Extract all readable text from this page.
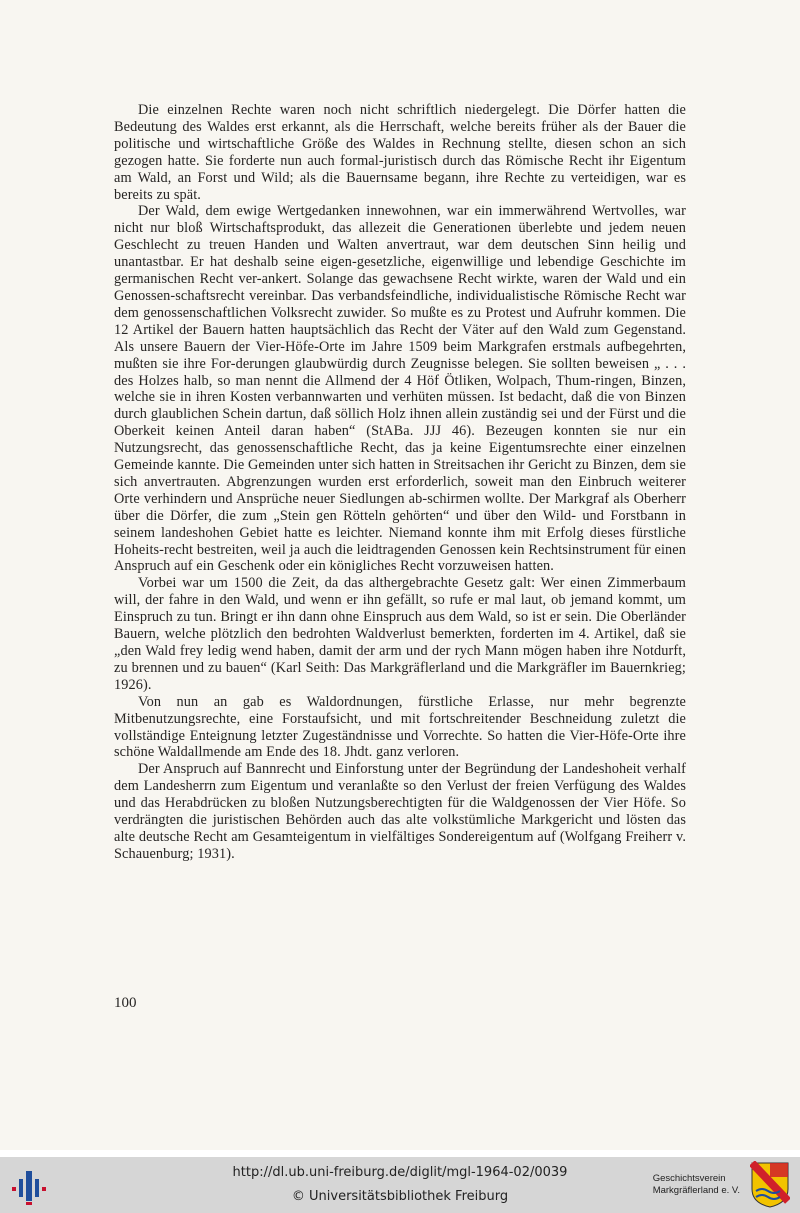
Die einzelnen Rechte waren noch nicht schriftlich niedergelegt. Die Dörfer hatten die Bedeutung des Waldes erst erkannt, als die Herrschaft, welche bereits früher als der Bauer die politische und wirtschaftliche Größe des Waldes in Rechnung stellte, diesen schon an sich gezogen hatte. Sie forderte nun auch formal-juristisch durch das Römische Recht ihr Eigentum am Wald, an Forst und Wild; als die Bauernsame begann, ihre Rechte zu verteidigen, war es bereits zu spät.

Der Wald, dem ewige Wertgedanken innewohnen, war ein immerwährend Wertvolles, war nicht nur bloß Wirtschaftsprodukt, das allezeit die Generationen überlebte und jedem neuen Geschlecht zu treuen Handen und Walten anvertraut, war dem deutschen Sinn heilig und unantastbar. Er hat deshalb seine eigen-gesetzliche, eigenwillige und lebendige Geschichte im germanischen Recht ver-ankert. Solange das gewachsene Recht wirkte, waren der Wald und ein Genossen-schaftsrecht vereinbar. Das verbandsfeindliche, individualistische Römische Recht war dem genossenschaftlichen Volksrecht zuwider. So mußte es zu Protest und Aufruhr kommen. Die 12 Artikel der Bauern hatten hauptsächlich das Recht der Väter auf den Wald zum Gegenstand. Als unsere Bauern der Vier-Höfe-Orte im Jahre 1509 beim Markgrafen erstmals aufbegehrten, mußten sie ihre For-derungen glaubwürdig durch Zeugnisse belegen. Sie sollten beweisen „ . . . des Holzes halb, so man nennt die Allmend der 4 Höf Ötliken, Wolpach, Thum-ringen, Binzen, welche sie in ihren Kosten verbannwarten und verhüten müssen. Ist bedacht, daß die von Binzen durch glaublichen Schein dartun, daß söllich Holz ihnen allein zuständig sei und der Fürst und die Oberkeit keinen Anteil daran haben“ (StABa. JJJ 46). Bezeugen konnten sie nur ein Nutzungsrecht, das genossenschaftliche Recht, das ja keine Eigentumsrechte einer einzelnen Gemeinde kannte. Die Gemeinden unter sich hatten in Streitsachen ihr Gericht zu Binzen, dem sie sich anvertrauten. Abgrenzungen wurden erst erforderlich, soweit man den Einbruch weiterer Orte verhindern und Ansprüche neuer Siedlungen ab-schirmen wollte. Der Markgraf als Oberherr über die Dörfer, die zum „Stein gen Rötteln gehörten“ und über den Wild- und Forstbann in seinem landeshohen Gebiet hatte es leichter. Niemand konnte ihm mit Erfolg dieses fürstliche Hoheits-recht bestreiten, weil ja auch die leidtragenden Genossen kein Rechtsinstrument für einen Anspruch auf ein Geschenk oder ein königliches Recht vorzuweisen hatten.

Vorbei war um 1500 die Zeit, da das althergebrachte Gesetz galt: Wer einen Zimmerbaum will, der fahre in den Wald, und wenn er ihn gefällt, so rufe er mal laut, ob jemand kommt, um Einspruch zu tun. Bringt er ihn dann ohne Einspruch aus dem Wald, so ist er sein. Die Oberländer Bauern, welche plötzlich den bedrohten Waldverlust bemerkten, forderten im 4. Artikel, daß sie „den Wald frey ledig wend haben, damit der arm und der rych Mann mögen haben ihre Notdurft, zu brennen und zu bauen“ (Karl Seith: Das Markgräflerland und die Markgräfler im Bauernkrieg; 1926).

Von nun an gab es Waldordnungen, fürstliche Erlasse, nur mehr begrenzte Mitbenutzungsrechte, eine Forstaufsicht, und mit fortschreitender Beschneidung zuletzt die vollständige Enteignung letzter Zugeständnisse und Vorrechte. So hatten die Vier-Höfe-Orte ihre schöne Waldallmende am Ende des 18. Jhdt. ganz verloren.

Der Anspruch auf Bannrecht und Einforstung unter der Begründung der Landeshoheit verhalf dem Landesherrn zum Eigentum und veranlaßte so den Verlust der freien Verfügung des Waldes und das Herabdrücken zu bloßen Nutzungsberechtigten für die Waldgenossen der Vier Höfe. So verdrängten die juristischen Behörden auch das alte volkstümliche Markgericht und lösten das alte deutsche Recht am Gesamteigentum in vielfältiges Sondereigentum auf (Wolfgang Freiherr v. Schauenburg; 1931).

100
http://dl.ub.uni-freiburg.de/diglit/mgl-1964-02/0039
© Universitätsbibliothek Freiburg
Geschichtsverein
Markgräflerland e. V.
